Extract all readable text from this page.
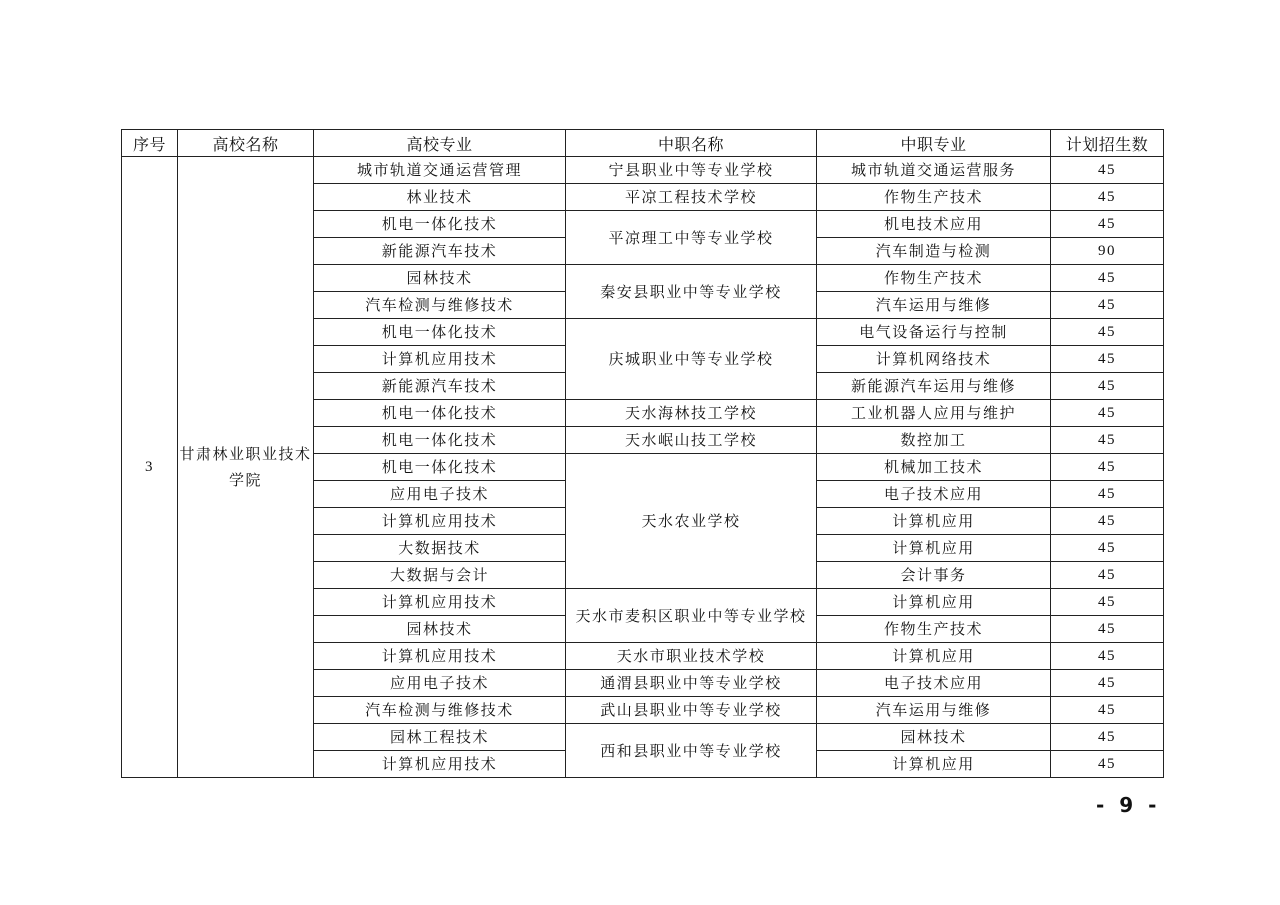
序号	高校名称	高校专业	中职名称	中职专业	计划招生数
3	甘肃林业职业技术学院	城市轨道交通运营管理	宁县职业中等专业学校	城市轨道交通运营服务	45
		林业技术	平凉工程技术学校	作物生产技术	45
		机电一体化技术	平凉理工中等专业学校	机电技术应用	45
		新能源汽车技术		汽车制造与检测	90
		园林技术	秦安县职业中等专业学校	作物生产技术	45
		汽车检测与维修技术		汽车运用与维修	45
		机电一体化技术	庆城职业中等专业学校	电气设备运行与控制	45
		计算机应用技术		计算机网络技术	45
		新能源汽车技术		新能源汽车运用与维修	45
		机电一体化技术	天水海林技工学校	工业机器人应用与维护	45
		机电一体化技术	天水岷山技工学校	数控加工	45
		机电一体化技术	天水农业学校	机械加工技术	45
		应用电子技术		电子技术应用	45
		计算机应用技术		计算机应用	45
		大数据技术		计算机应用	45
		大数据与会计		会计事务	45
		计算机应用技术	天水市麦积区职业中等专业学校	计算机应用	45
		园林技术		作物生产技术	45
		计算机应用技术	天水市职业技术学校	计算机应用	45
		应用电子技术	通渭县职业中等专业学校	电子技术应用	45
		汽车检测与维修技术	武山县职业中等专业学校	汽车运用与维修	45
		园林工程技术	西和县职业中等专业学校	园林技术	45
		计算机应用技术		计算机应用	45
- 9 -
